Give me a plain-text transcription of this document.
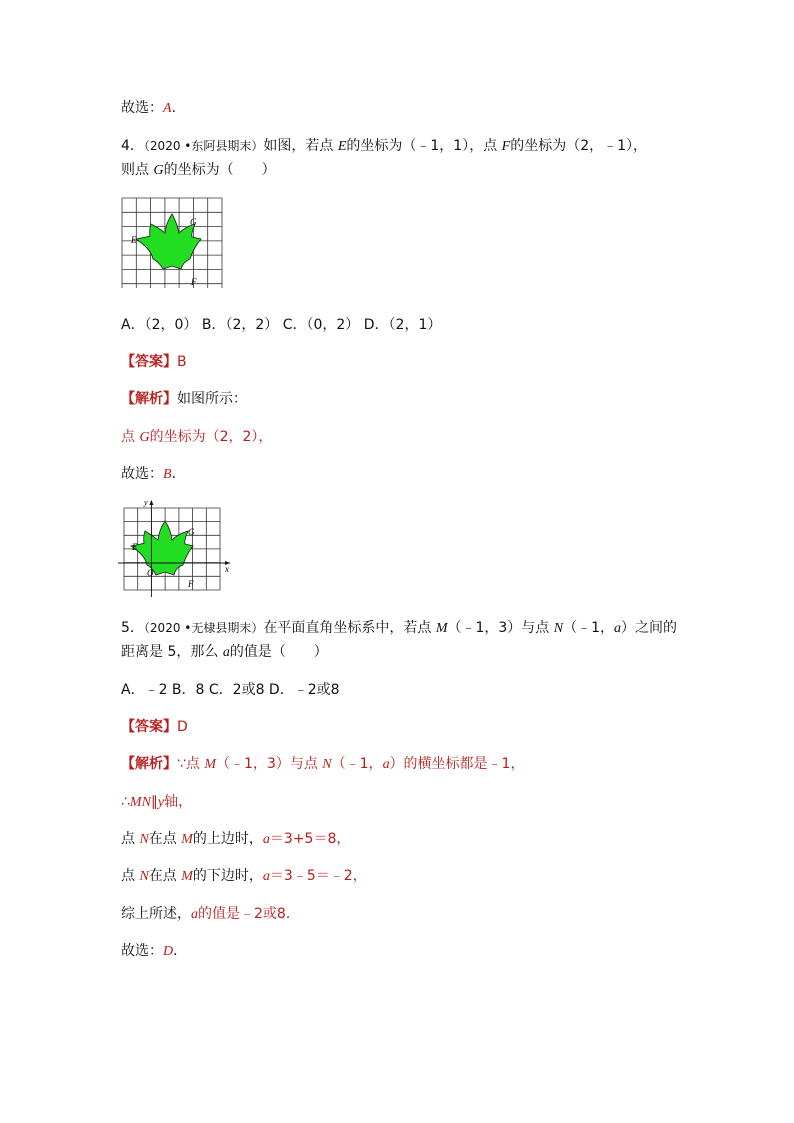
故选：A.
4．（2020 •东阿县期末）如图，若点 E的坐标为（﹣1，1），点 F的坐标为（2，﹣1），
则点 G的坐标为（　　）
G
E
F
A．（2，0） B．（2，2） C．（0，2） D．（2，1）
【答案】B
【解析】如图所示：
点 G的坐标为（2，2），
故选：B.
y
x
G
E
O
F
5．（2020 •无棣县期末）在平面直角坐标系中，若点 M（﹣1，3）与点 N（﹣1，a）之间的
距离是 5，那么 a的值是（　　）
A．﹣2 B．8 C．2或8 D．﹣2或8
【答案】D
【解析】∵点 M（﹣1，3）与点 N（﹣1，a）的横坐标都是﹣1，
∴MN∥y轴，
点 N在点 M的上边时，a＝3+5＝8，
点 N在点 M的下边时，a＝3﹣5＝﹣2，
综上所述，a的值是﹣2或8．
故选：D.
